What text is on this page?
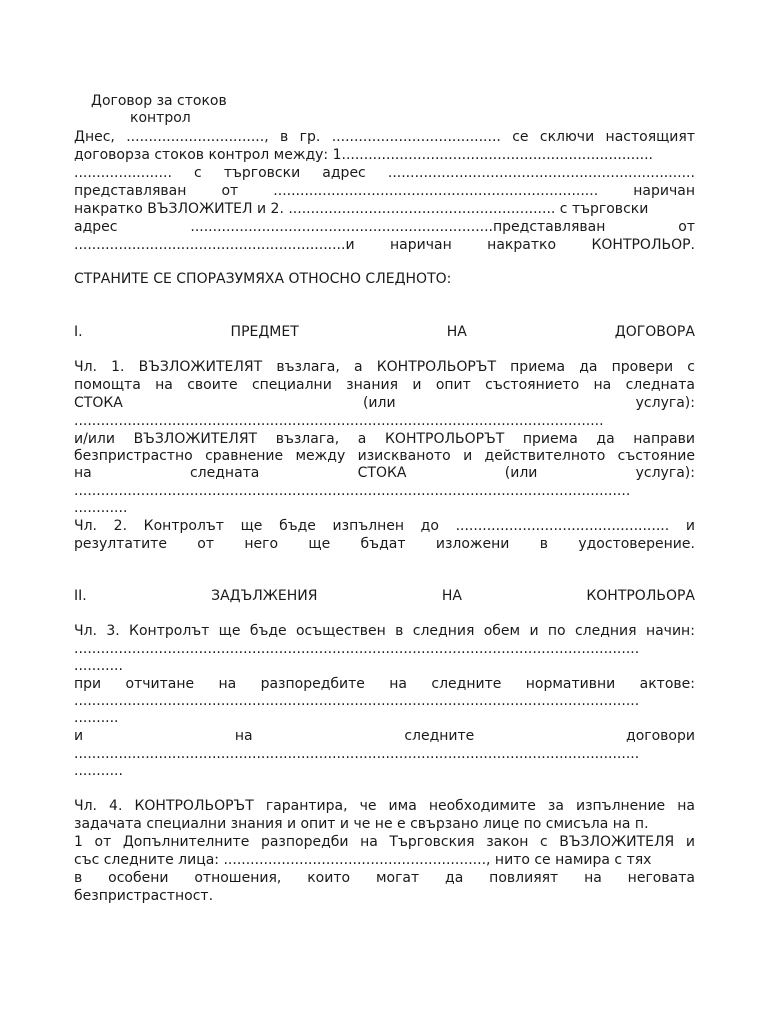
Договор за стоков
контрол
Днес, ..............................., в гр. ...................................... се сключи настоящият
договорза стоков контрол между: 1......................................................................
...................... с търговски адрес .....................................................................
представляван	от	.........................................................................	наричан
накратко ВЪЗЛОЖИТЕЛ и 2. ............................................................ с търговски
адрес	....................................................................представляван	от
.............................................................и	наричан	накратко	КОНТРОЛЬОР.
СТРАНИТЕ СЕ СПОРАЗУМЯХА ОТНОСНО СЛЕДНОТО:
I.	ПРЕДМЕТ	НА	ДОГОВОРА
Чл. 1. ВЪЗЛОЖИТЕЛЯТ възлага, а КОНТРОЛЬОРЪТ приема да провери с
помощта на своите специални знания и опит състоянието на следната
СТОКА	(или	услуга):
.......................................................................................................................
и/или ВЪЗЛОЖИТЕЛЯТ възлага, а КОНТРОЛЬОРЪТ приема да направи
безпристрастно сравнение между изискваното и действителното състояние
на	следната	СТОКА	(или	услуга):
.............................................................................................................................
............
Чл. 2. Контролът ще бъде изпълнен до ................................................ и
резултатите от него ще бъдат изложени в удостоверение.
II.	ЗАДЪЛЖЕНИЯ	НА	КОНТРОЛЬОРА
Чл. 3. Контролът ще бъде осъществен в следния обем и по следния начин:
...............................................................................................................................
...........
при отчитане на разпоредбите на следните нормативни актове:
...............................................................................................................................
..........
и	на	следните	договори
...............................................................................................................................
...........
Чл. 4. КОНТРОЛЬОРЪТ гарантира, че има необходимите за изпълнение на
задачата специални знания и опит и че не е свързано лице по смисъла на п.
1 от Допълнителните разпоредби на Търговския закон с ВЪЗЛОЖИТЕЛЯ и
със следните лица: ..........................................................., нито се намира с тях
в особени отношения, които могат да повлияят на неговата
безпристрастност.
